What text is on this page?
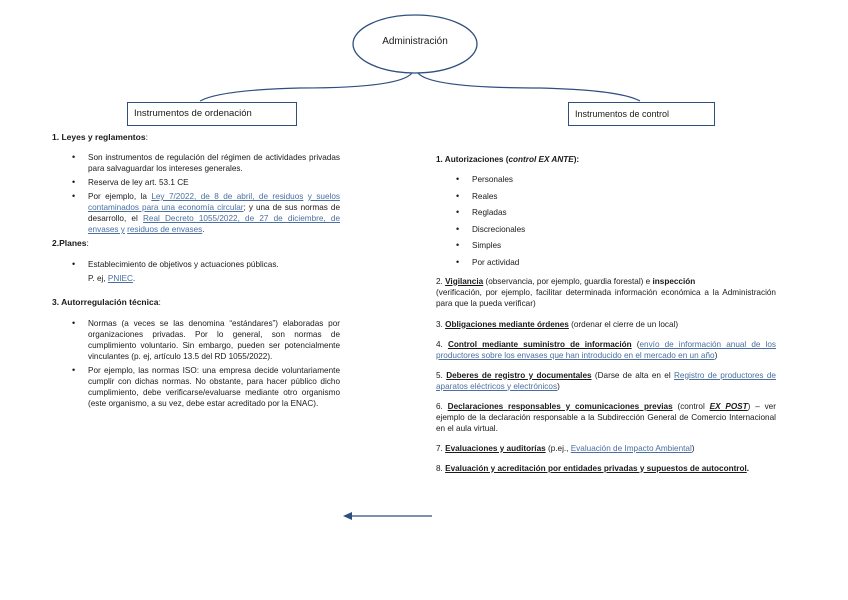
Administración
Instrumentos de ordenación	Instrumentos de control

1. Leyes y reglamentos:

• Son instrumentos de regulación del régimen de actividades privadas para salvaguardar los intereses generales.
• Reserva de ley art. 53.1 CE
• Por ejemplo, la Ley 7/2022, de 8 de abril, de residuos y suelos contaminados para una economía circular; y una de sus normas de desarrollo, el Real Decreto 1055/2022, de 27 de diciembre, de envases y residuos de envases.

2.Planes:

• Establecimiento de objetivos y actuaciones públicas.

P. ej, PNIEC.

3. Autorregulación técnica:

• Normas (a veces se las denomina “estándares”) elaboradas por organizaciones privadas. Por lo general, son normas de cumplimiento voluntario. Sin embargo, pueden ser potencialmente vinculantes (p. ej, artículo 13.5 del RD 1055/2022).
• Por ejemplo, las normas ISO: una empresa decide voluntariamente cumplir con dichas normas. No obstante, para hacer público dicho cumplimiento, debe verificarse/evaluarse mediante otro organismo (este organismo, a su vez, debe estar acreditado por la ENAC).

1. Autorizaciones (control EX ANTE):

• Personales
• Reales
• Regladas
• Discrecionales
• Simples
• Por actividad

2. Vigilancia (observancia, por ejemplo, guardia forestal) e inspección

(verificación, por ejemplo, facilitar determinada información económica a la Administración para que la pueda verificar)

3. Obligaciones mediante órdenes (ordenar el cierre de un local)

4. Control mediante suministro de información (envío de información anual de los productores sobre los envases que han introducido en el mercado en un año)

5. Deberes de registro y documentales (Darse de alta en el Registro de productores de aparatos eléctricos y electrónicos)

6. Declaraciones responsables y comunicaciones previas (control EX POST) – ver ejemplo de la declaración responsable a la Subdirección General de Comercio Internacional en el aula virtual.

7. Evaluaciones y auditorías (p.ej., Evaluación de Impacto Ambiental)

8. Evaluación y acreditación por entidades privadas y supuestos de autocontrol.
